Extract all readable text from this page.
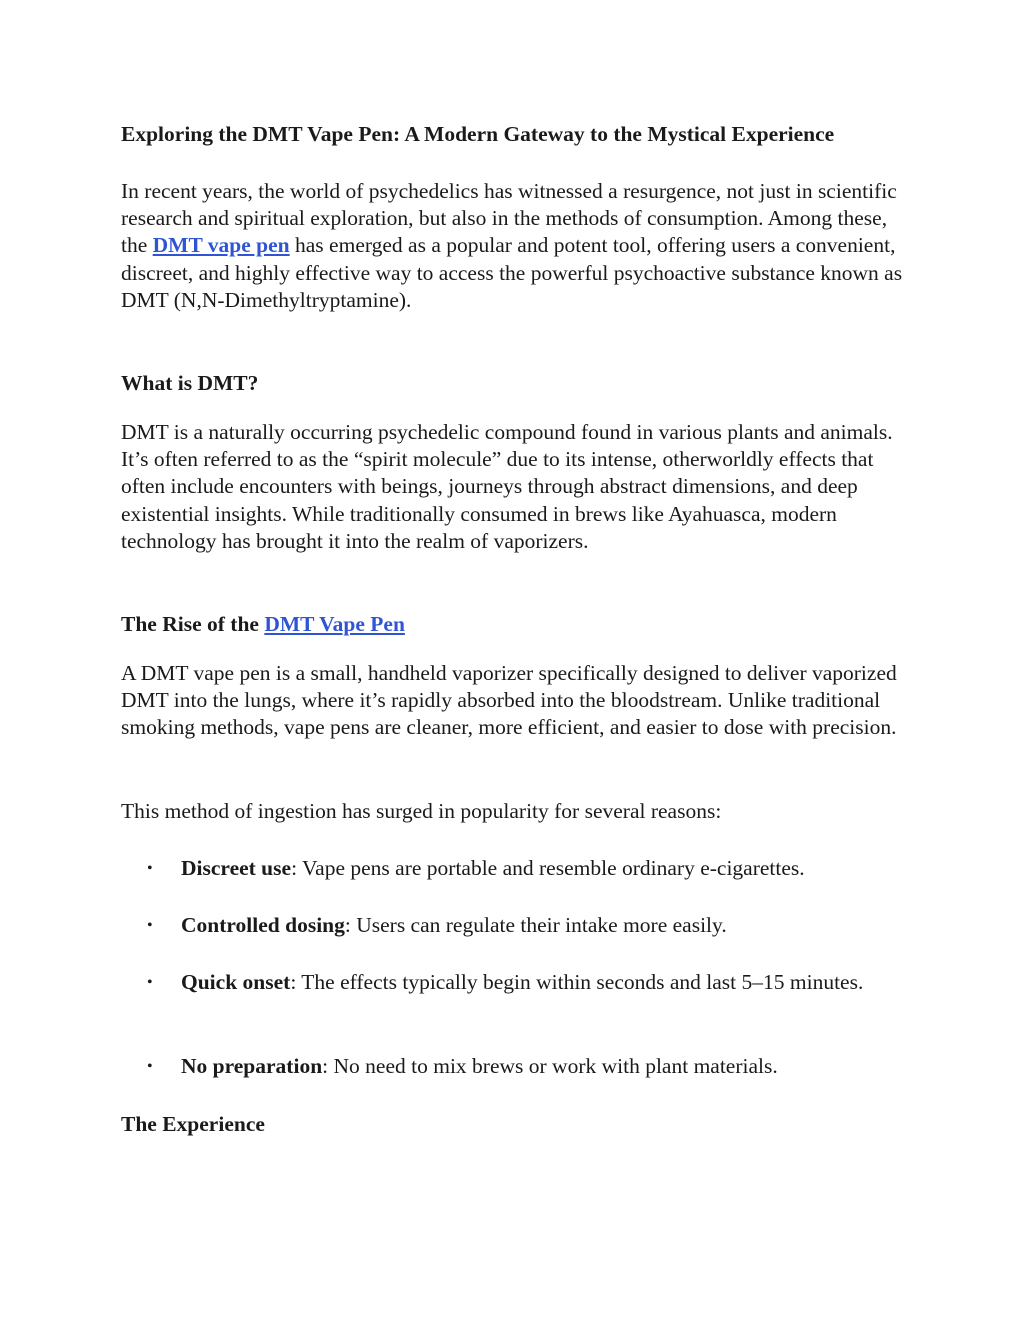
Exploring the DMT Vape Pen: A Modern Gateway to the Mystical Experience

In recent years, the world of psychedelics has witnessed a resurgence, not just in scientific research and spiritual exploration, but also in the methods of consumption. Among these, the DMT vape pen has emerged as a popular and potent tool, offering users a convenient, discreet, and highly effective way to access the powerful psychoactive substance known as DMT (N,N-Dimethyltryptamine).

What is DMT?

DMT is a naturally occurring psychedelic compound found in various plants and animals. It’s often referred to as the “spirit molecule” due to its intense, otherworldly effects that often include encounters with beings, journeys through abstract dimensions, and deep existential insights. While traditionally consumed in brews like Ayahuasca, modern technology has brought it into the realm of vaporizers.

The Rise of the DMT Vape Pen

A DMT vape pen is a small, handheld vaporizer specifically designed to deliver vaporized DMT into the lungs, where it’s rapidly absorbed into the bloodstream. Unlike traditional smoking methods, vape pens are cleaner, more efficient, and easier to dose with precision.

This method of ingestion has surged in popularity for several reasons:

• Discreet use: Vape pens are portable and resemble ordinary e-cigarettes.
• Controlled dosing: Users can regulate their intake more easily.
• Quick onset: The effects typically begin within seconds and last 5–15 minutes.
• No preparation: No need to mix brews or work with plant materials.
The Experience
